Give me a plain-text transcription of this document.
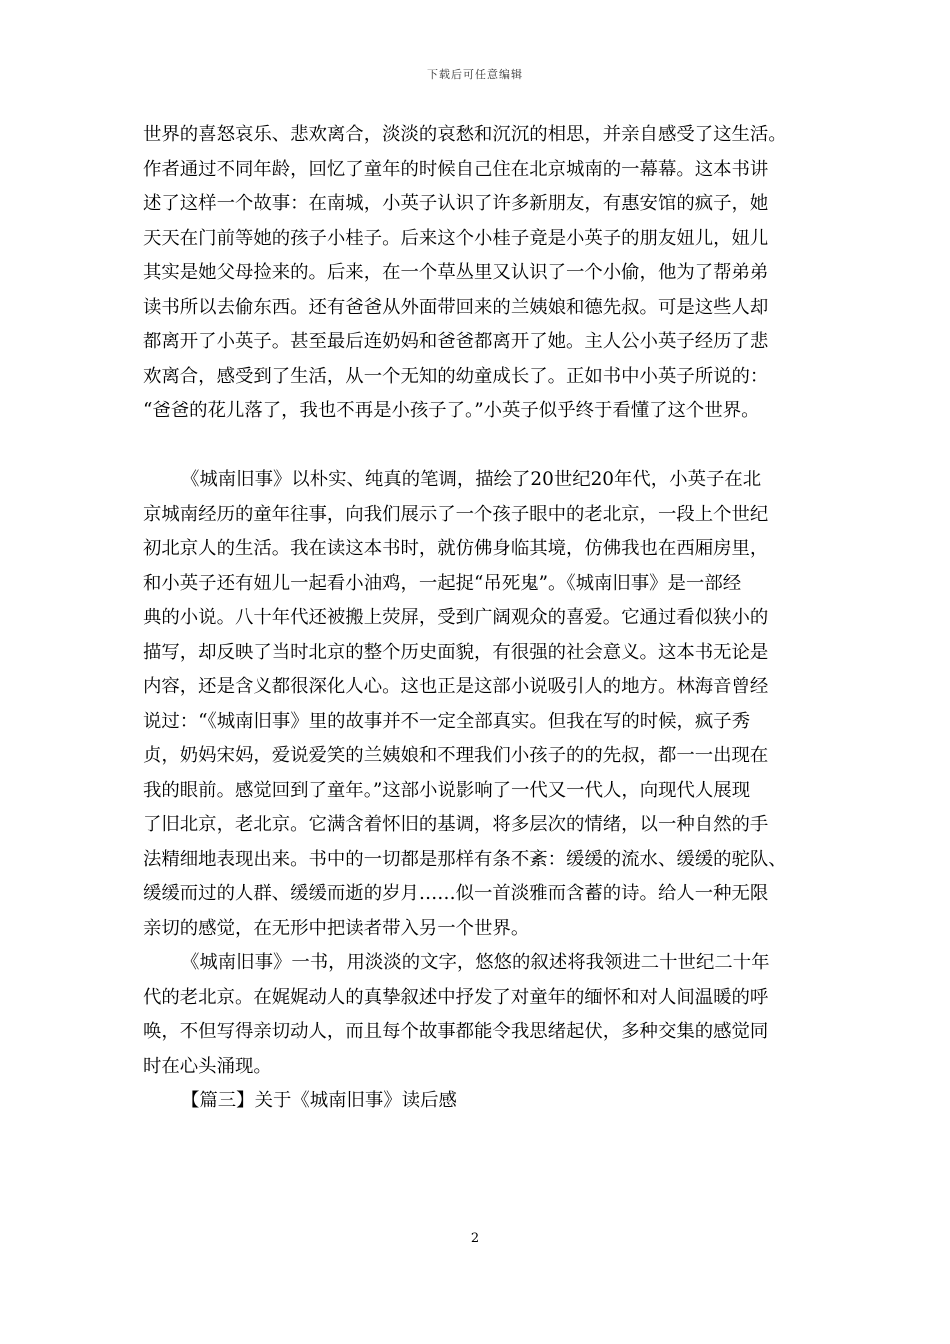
下载后可任意编辑
世界的喜怒哀乐、悲欢离合，淡淡的哀愁和沉沉的相思，并亲自感受了这生活。
作者通过不同年龄，回忆了童年的时候自己住在北京城南的一幕幕。这本书讲
述了这样一个故事：在南城，小英子认识了许多新朋友，有惠安馆的疯子，她
天天在门前等她的孩子小桂子。后来这个小桂子竟是小英子的朋友妞儿，妞儿
其实是她父母捡来的。后来，在一个草丛里又认识了一个小偷，他为了帮弟弟
读书所以去偷东西。还有爸爸从外面带回来的兰姨娘和德先叔。可是这些人却
都离开了小英子。甚至最后连奶妈和爸爸都离开了她。主人公小英子经历了悲
欢离合，感受到了生活，从一个无知的幼童成长了。正如书中小英子所说的：
“爸爸的花儿落了，我也不再是小孩子了。”小英子似乎终于看懂了这个世界。
《城南旧事》以朴实、纯真的笔调，描绘了20世纪20年代，小英子在北
京城南经历的童年往事，向我们展示了一个孩子眼中的老北京，一段上个世纪
初北京人的生活。我在读这本书时，就仿佛身临其境，仿佛我也在西厢房里，
和小英子还有妞儿一起看小油鸡，一起捉“吊死鬼”。《城南旧事》是一部经
典的小说。八十年代还被搬上荧屏，受到广阔观众的喜爱。它通过看似狭小的
描写，却反映了当时北京的整个历史面貌，有很强的社会意义。这本书无论是
内容，还是含义都很深化人心。这也正是这部小说吸引人的地方。林海音曾经
说过：“《城南旧事》里的故事并不一定全部真实。但我在写的时候，疯子秀
贞，奶妈宋妈，爱说爱笑的兰姨娘和不理我们小孩子的的先叔，都一一出现在
我的眼前。感觉回到了童年。”这部小说影响了一代又一代人，向现代人展现
了旧北京，老北京。它满含着怀旧的基调，将多层次的情绪，以一种自然的手
法精细地表现出来。书中的一切都是那样有条不紊：缓缓的流水、缓缓的驼队、
缓缓而过的人群、缓缓而逝的岁月……似一首淡雅而含蓄的诗。给人一种无限
亲切的感觉，在无形中把读者带入另一个世界。
《城南旧事》一书，用淡淡的文字，悠悠的叙述将我领进二十世纪二十年
代的老北京。在娓娓动人的真挚叙述中抒发了对童年的缅怀和对人间温暖的呼
唤，不但写得亲切动人，而且每个故事都能令我思绪起伏，多种交集的感觉同
时在心头涌现。
【篇三】关于《城南旧事》读后感
2
